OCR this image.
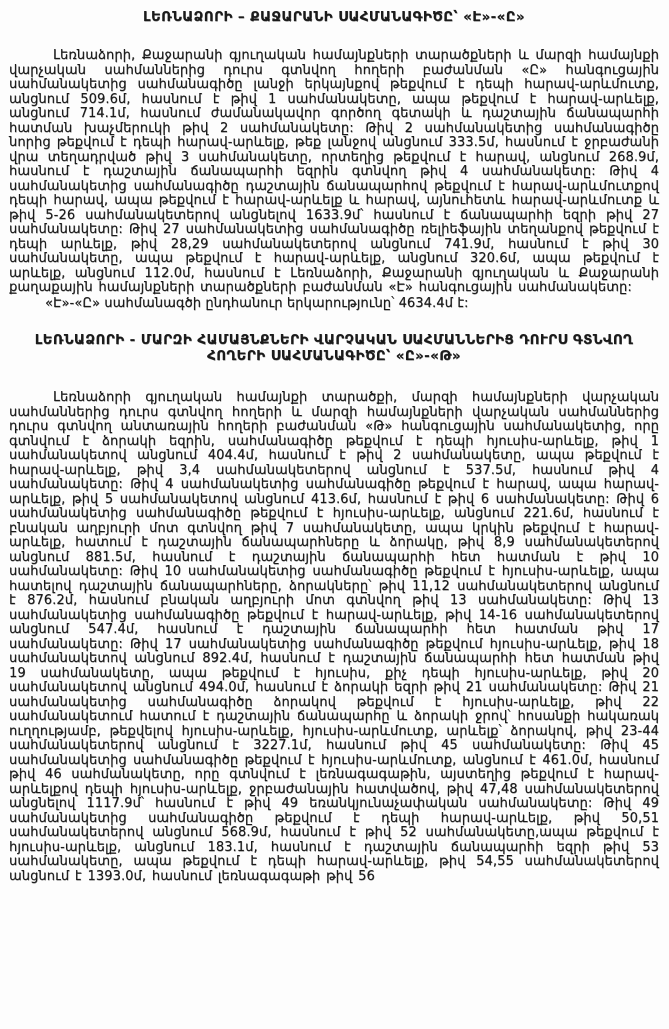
ԼԵՌՆԱՁՈՐԻ – ՔԱՋԱՐԱՆԻ ՍԱՀՄԱՆԱԳԻԾԸ՝ «Է»-«Ը»

Լեռնաձորի, Քաջարանի գյուղական համայնքների տարածքների և մարզի համայնքի վարչական սահմաններից դուրս գտնվող հողերի բաժանման «Ը» հանգուցային սահմանակետից սահմանագիծը լանջի երկայնքով թեքվում է դեպի հարավ-արևմուտք, անցնում 509.6մ, հասնում է թիվ 1 սահմանակետը, ապա թեքվում է հարավ-արևելք, անցնում 714.1մ, հասնում ժամանակավոր գործող գետակի և դաշտային ճանապարհի հատման խաչմերուկի թիվ 2 սահմանակետը: Թիվ 2 սահմանակետից սահմանագիծը նորից թեքվում է դեպի հարավ-արևելք, թեք լանջով անցնում 333.5մ, հասնում է ջրբաժանի վրա տեղադրված թիվ 3 սահմանակետը, որտեղից թեքվում է հարավ, անցնում 268.9մ, հասնում է դաշտային ճանապարհի եզրին գտնվող թիվ 4 սահմանակետը: Թիվ 4 սահմանակետից սահմանագիծը դաշտային ճանապարհով թեքվում է հարավ-արևմուտքով դեպի հարավ, ապա թեքվում է հարավ-արևելք և հարավ, այնուհետև հարավ-արևմուտք և թիվ 5-26 սահմանակետերով անցնելով 1633.9մ՝ հասնում է ճանապարհի եզրի թիվ 27 սահմանակետը: Թիվ 27 սահմանակետից սահմանագիծը ռելիեֆային տեղանքով թեքվում է դեպի արևելք, թիվ 28,29 սահմանակետերով անցնում 741.9մ, հասնում է թիվ 30 սահմանակետը, ապա թեքվում է հարավ-արևելք, անցնում 320.6մ, ապա թեքվում է արևելք, անցնում 112.0մ, հասնում է Լեռնաձորի, Քաջարանի գյուղական և Քաջարանի քաղաքային համայնքների տարածքների բաժանման «Է» հանգուցային սահմանակետը:

«Է»-«Ը» սահմանագծի ընդհանուր երկարությունը՝ 4634.4մ է:

ԼԵՌՆԱՁՈՐԻ - ՄԱՐԶԻ ՀԱՄԱՅՆՔՆԵՐԻ ՎԱՐՉԱԿԱՆ ՍԱՀՄԱՆՆԵՐԻՑ ԴՈՒՐՍ ԳՏՆՎՈՂ ՀՈՂԵՐԻ ՍԱՀՄԱՆԱԳԻԾԸ՝ «Ը»-«Թ»

Լեռնաձորի գյուղական համայնքի տարածքի, մարզի համայնքների վարչական սահմաններից դուրս գտնվող հողերի և մարզի համայնքների վարչական սահմաններից դուրս գտնվող անտառային հողերի բաժանման «Թ» հանգուցային սահմանակետից, որը գտնվում է ձորակի եզրին, սահմանագիծը թեքվում է դեպի հյուսիս-արևելք, թիվ 1 սահմանակետով անցնում 404.4մ, հասնում է թիվ 2 սահմանակետը, ապա թեքվում է հարավ-արևելք, թիվ 3,4 սահմանակետերով անցնում է 537.5մ, հասնում թիվ 4 սահմանակետը: Թիվ 4 սահմանակետից սահմանագիծը թեքվում է հարավ, ապա հարավ-արևելք, թիվ 5 սահմանակետով անցնում 413.6մ, հասնում է թիվ 6 սահմանակետը: Թիվ 6 սահմանակետից սահմանագիծը թեքվում է հյուսիս-արևելք, անցնում 221.6մ, հասնում է բնական աղբյուրի մոտ գտնվող թիվ 7 սահմանակետը, ապա կրկին թեքվում է հարավ-արևելք, հատում է դաշտային ճանապարհները և ձորակը, թիվ 8,9 սահմանակետերով անցնում 881.5մ, հասնում է դաշտային ճանապարհի հետ հատման է թիվ 10 սահմանակետը: Թիվ 10 սահմանակետից սահմանագիծը թեքվում է հյուսիս-արևելք, ապա հատելով դաշտային ճանապարհները, ձորակները՝ թիվ 11,12 սահմանակետերով անցնում է 876.2մ, հասնում բնական աղբյուրի մոտ գտնվող թիվ 13 սահմանակետը: Թիվ 13 սահմանակետից սահմանագիծը թեքվում է հարավ-արևելք, թիվ 14-16 սահմանակետերով անցնում 547.4մ, հասնում է դաշտային ճանապարհի հետ հատման թիվ 17 սահմանակետը: Թիվ 17 սահմանակետից սահմանագիծը թեքվում հյուսիս-արևելք, թիվ 18 սահմանակետով անցնում 892.4մ, հասնում է դաշտային ճանապարհի հետ հատման թիվ 19 սահմանակետը, ապա թեքվում է հյուսիս, քիչ դեպի հյուսիս-արևելք, թիվ 20 սահմանակետով անցնում 494.0մ, հասնում է ձորակի եզրի թիվ 21 սահմանակետը: Թիվ 21 սահմանակետից սահմանագիծը ձորակով թեքվում է հյուսիս-արևելք, թիվ 22 սահմանակետում հատում է դաշտային ճանապարհը և ձորակի ջրով՝ հոսանքի հակառակ ուղղությամբ, թեքվելով հյուսիս-արևելք, հյուսիս-արևմուտք, արևելք՝ ձորակով, թիվ 23-44 սահմանակետերով անցնում է 3227.1մ, հասնում թիվ 45 սահմանակետը: Թիվ 45 սահմանակետից սահմանագիծը թեքվում է հյուսիս-արևմուտք, անցնում է 461.0մ, հասնում թիվ 46 սահմանակետը, որը գտնվում է լեռնագագաթին, այստեղից թեքվում է հարավ-արևելքով դեպի հյուսիս-արևելք, ջրբաժանային հատվածով, թիվ 47,48 սահմանակետերով անցնելով 1117.9մ՝ հասնում է թիվ 49 եռանկյունաչափական սահմանակետը: Թիվ 49 սահմանակետից սահմանագիծը թեքվում է դեպի հարավ-արևելք, թիվ 50,51 սահմանակետերով անցնում 568.9մ, հասնում է թիվ 52 սահմանակետը,ապա թեքվում է հյուսիս-արևելք, անցնում 183.1մ, հասնում է դաշտային ճանապարհի եզրի թիվ 53 սահմանակետը, ապա թեքվում է դեպի հարավ-արևելք, թիվ 54,55 սահմանակետերով անցնում է 1393.0մ, հասնում լեռնագագաթի թիվ 56
